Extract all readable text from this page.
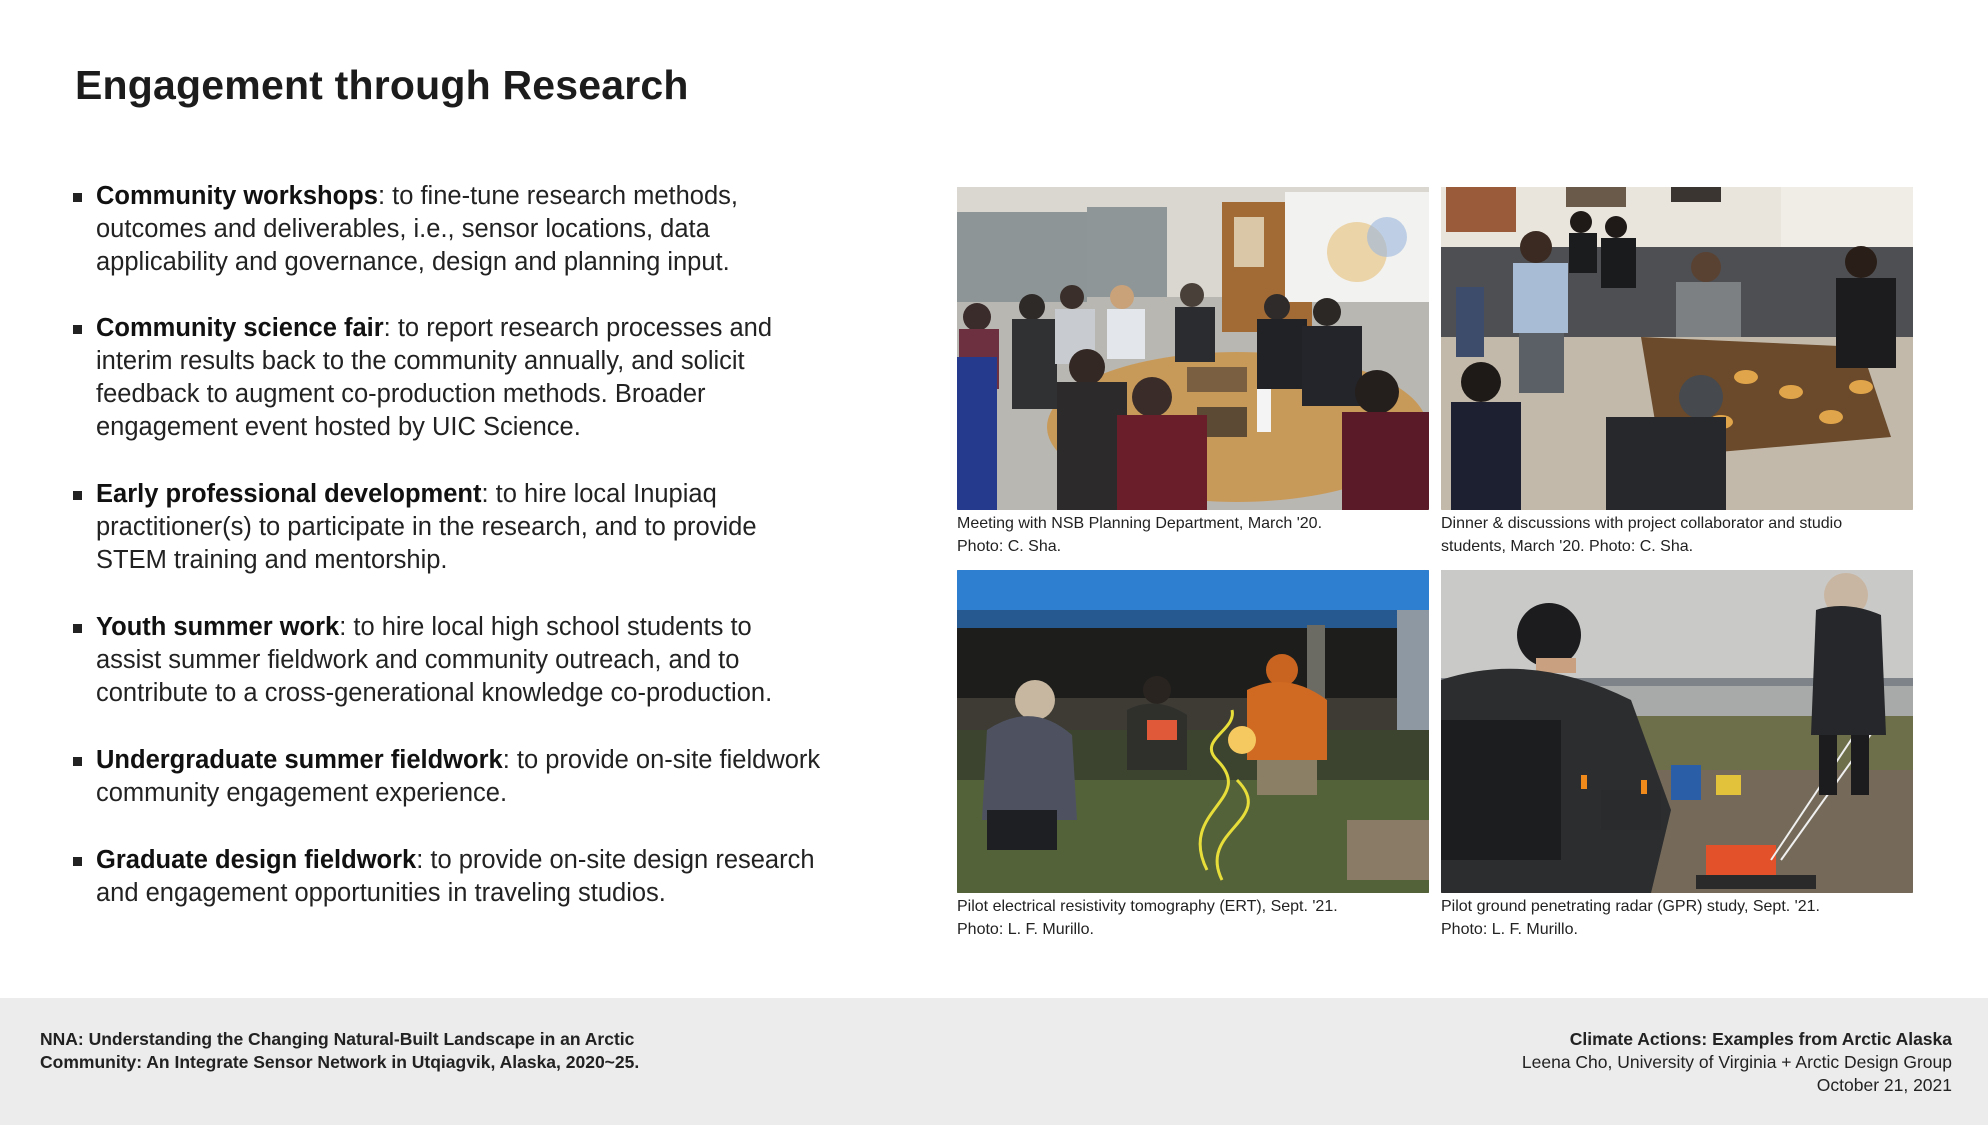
Engagement through Research
Community workshops: to fine-tune research methods,
outcomes and deliverables, i.e., sensor locations, data
applicability and governance, design and planning input.
Community science fair: to report research processes and
interim results back to the community annually, and solicit
feedback to augment co-production methods. Broader
engagement event hosted by UIC Science.
Early professional development: to hire local Inupiaq
practitioner(s) to participate in the research, and to provide
STEM training and mentorship.
Youth summer work: to hire local high school students to
assist summer fieldwork and community outreach, and to
contribute to a cross-generational knowledge co-production.
Undergraduate summer fieldwork: to provide on-site fieldwork
community engagement experience.
Graduate design fieldwork: to provide on-site design research
and engagement opportunities in traveling studios.
Meeting with NSB Planning Department, March '20.
Photo: C. Sha.
Dinner & discussions with project collaborator and studio
students, March '20. Photo: C. Sha.
Pilot electrical resistivity tomography (ERT), Sept. '21.
Photo: L. F. Murillo.
Pilot ground penetrating radar (GPR) study, Sept. '21.
Photo: L. F. Murillo.
NNA: Understanding the Changing Natural-Built Landscape in an Arctic
Community: An Integrate Sensor Network in Utqiagvik, Alaska, 2020~25.
Climate Actions: Examples from Arctic Alaska
Leena Cho, University of Virginia + Arctic Design Group
October 21, 2021
